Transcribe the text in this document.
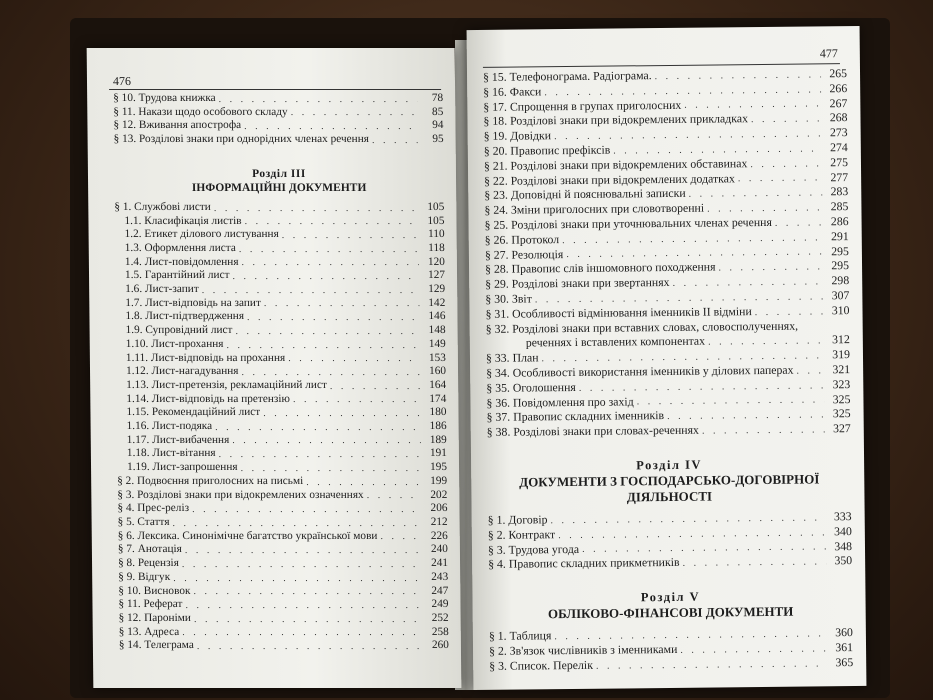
476
§ 10. Трудова книжка . . .	78
§ 11. Накази щодо особового складу . . .	85
§ 12. Вживання апострофа . . .	94
§ 13. Розділові знаки при однорідних членах речення . . .	95
Розділ III
ІНФОРМАЦІЙНІ ДОКУМЕНТИ
§ 1. Службові листи . . .	105
1.1. Класифікація листів . . .	105
1.2. Етикет ділового листування . . .	110
1.3. Оформлення листа . . .	118
1.4. Лист-повідомлення . . .	120
1.5. Гарантійний лист . . .	127
1.6. Лист-запит . . .	129
1.7. Лист-відповідь на запит . . .	142
1.8. Лист-підтвердження . . .	146
1.9. Супровідний лист . . .	148
1.10. Лист-прохання . . .	149
1.11. Лист-відповідь на прохання . . .	153
1.12. Лист-нагадування . . .	160
1.13. Лист-претензія, рекламаційний лист . . .	164
1.14. Лист-відповідь на претензію . . .	174
1.15. Рекомендаційний лист . . .	180
1.16. Лист-подяка . . .	186
1.17. Лист-вибачення . . .	189
1.18. Лист-вітання . . .	191
1.19. Лист-запрошення . . .	195
§ 2. Подвоєння приголосних на письмі . . .	199
§ 3. Розділові знаки при відокремлених означеннях . . .	202
§ 4. Прес-реліз . . .	206
§ 5. Стаття . . .	212
§ 6. Лексика. Синонімічне багатство української мови . . .	226
§ 7. Анотація . . .	240
§ 8. Рецензія . . .	241
§ 9. Відгук . . .	243
§ 10. Висновок . . .	247
§ 11. Реферат . . .	249
§ 12. Пароніми . . .	252
§ 13. Адреса . . .	258
§ 14. Телеграма . . .	260
477
§ 15. Телефонограма. Радіограма. . . .	265
§ 16. Факси . . .	266
§ 17. Спрощення в групах приголосних . . .	267
§ 18. Розділові знаки при відокремлених прикладках . . .	268
§ 19. Довідки . . .	273
§ 20. Правопис префіксів . . .	274
§ 21. Розділові знаки при відокремлених обставинах . . .	275
§ 22. Розділові знаки при відокремлених додатках . . .	277
§ 23. Доповідні й пояснювальні записки . . .	283
§ 24. Зміни приголосних при словотворенні . . .	285
§ 25. Розділові знаки при уточнювальних членах речення . . .	286
§ 26. Протокол . . .	291
§ 27. Резолюція . . .	295
§ 28. Правопис слів іншомовного походження . . .	295
§ 29. Розділові знаки при звертаннях . . .	298
§ 30. Звіт . . .	307
§ 31. Особливості відмінювання іменників II відміни . . .	310
§ 32. Розділові знаки при вставних словах, словосполученнях,
реченнях і вставлених компонентах . . .	312
§ 33. План . . .	319
§ 34. Особливості використання іменників у ділових паперах . . .	321
§ 35. Оголошення . . .	323
§ 36. Повідомлення про захід . . .	325
§ 37. Правопис складних іменників . . .	325
§ 38. Розділові знаки при словах-реченнях . . .	327
Розділ IV
ДОКУМЕНТИ З ГОСПОДАРСЬКО-ДОГОВІРНОЇ
ДІЯЛЬНОСТІ
§ 1. Договір . . .	333
§ 2. Контракт . . .	340
§ 3. Трудова угода . . .	348
§ 4. Правопис складних прикметників . . .	350
Розділ V
ОБЛІКОВО-ФІНАНСОВІ ДОКУМЕНТИ
§ 1. Таблиця . . .	360
§ 2. Зв'язок числівників з іменниками . . .	361
§ 3. Список. Перелік . . .	365
